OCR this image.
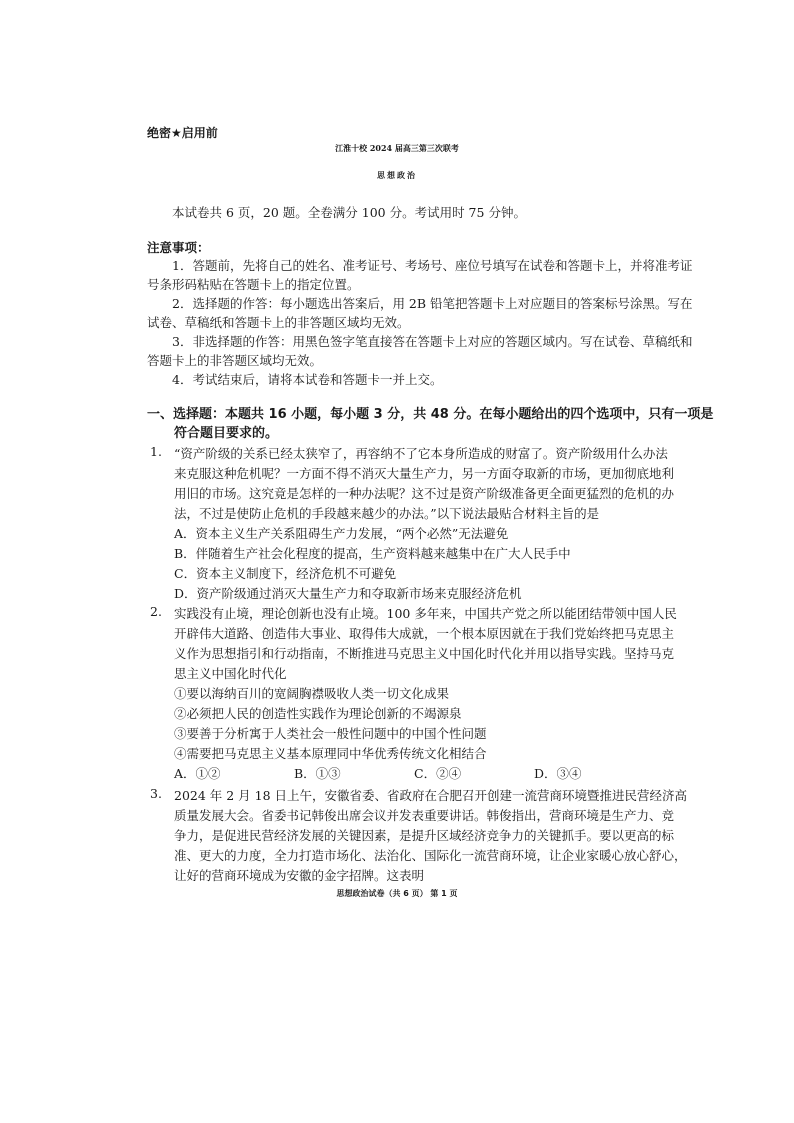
绝密★启用前
江淮十校 2024 届高三第三次联考
思想政治
本试卷共 6 页，20 题。全卷满分 100 分。考试用时 75 分钟。
注意事项：
1．答题前，先将自己的姓名、准考证号、考场号、座位号填写在试卷和答题卡上，并将准考证
号条形码粘贴在答题卡上的指定位置。
2．选择题的作答：每小题选出答案后，用 2B 铅笔把答题卡上对应题目的答案标号涂黑。写在
试卷、草稿纸和答题卡上的非答题区域均无效。
3．非选择题的作答：用黑色签字笔直接答在答题卡上对应的答题区域内。写在试卷、草稿纸和
答题卡上的非答题区域均无效。
4．考试结束后，请将本试卷和答题卡一并上交。
一、选择题：本题共 16 小题，每小题 3 分，共 48 分。在每小题给出的四个选项中，只有一项是
符合题目要求的。
1. “资产阶级的关系已经太狭窄了，再容纳不了它本身所造成的财富了。资产阶级用什么办法
来克服这种危机呢？一方面不得不消灭大量生产力，另一方面夺取新的市场，更加彻底地利
用旧的市场。这究竟是怎样的一种办法呢？这不过是资产阶级准备更全面更猛烈的危机的办
法，不过是使防止危机的手段越来越少的办法。”以下说法最贴合材料主旨的是
A．资本主义生产关系阻碍生产力发展，“两个必然”无法避免
B．伴随着生产社会化程度的提高，生产资料越来越集中在广大人民手中
C．资本主义制度下，经济危机不可避免
D．资产阶级通过消灭大量生产力和夺取新市场来克服经济危机
2. 实践没有止境，理论创新也没有止境。100 多年来，中国共产党之所以能团结带领中国人民
开辟伟大道路、创造伟大事业、取得伟大成就，一个根本原因就在于我们党始终把马克思主
义作为思想指引和行动指南，不断推进马克思主义中国化时代化并用以指导实践。坚持马克
思主义中国化时代化
①要以海纳百川的宽阔胸襟吸收人类一切文化成果
②必须把人民的创造性实践作为理论创新的不竭源泉
③要善于分析寓于人类社会一般性问题中的中国个性问题
④需要把马克思主义基本原理同中华优秀传统文化相结合
A．①②	B．①③	C．②④	D．③④
3. 2024 年 2 月 18 日上午，安徽省委、省政府在合肥召开创建一流营商环境暨推进民营经济高
质量发展大会。省委书记韩俊出席会议并发表重要讲话。韩俊指出，营商环境是生产力、竞
争力，是促进民营经济发展的关键因素，是提升区域经济竞争力的关键抓手。要以更高的标
准、更大的力度，全力打造市场化、法治化、国际化一流营商环境，让企业家暖心放心舒心，
让好的营商环境成为安徽的金字招牌。这表明
思想政治试卷（共 6 页） 第 1 页
